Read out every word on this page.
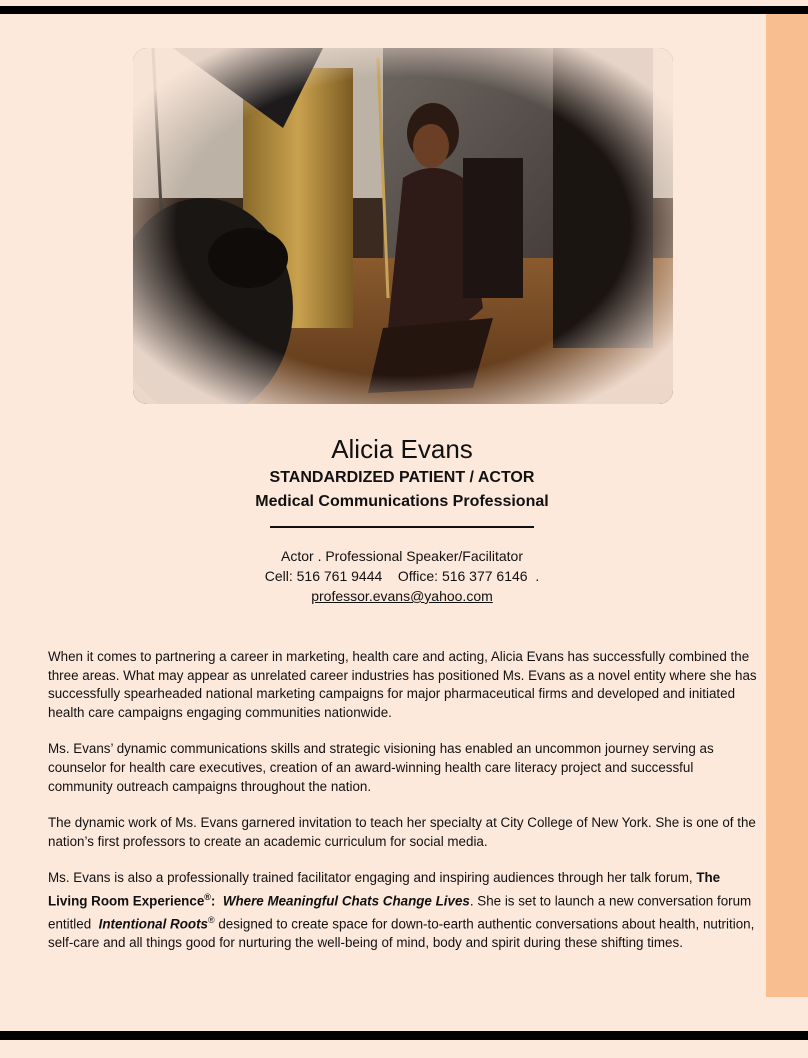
Alicia Evans
STANDARDIZED PATIENT / ACTOR
Medical Communications Professional
Actor . Professional Speaker/Facilitator
Cell: 516 761 9444    Office: 516 377 6146  .
professor.evans@yahoo.com

When it comes to partnering a career in marketing, health care and acting, Alicia Evans has successfully combined the three areas. What may appear as unrelated career industries has positioned Ms. Evans as a novel entity where she has successfully spearheaded national marketing campaigns for major pharmaceutical firms and developed and initiated health care campaigns engaging communities nationwide.

Ms. Evans’ dynamic communications skills and strategic visioning has enabled an uncommon journey serving as counselor for health care executives, creation of an award-winning health care literacy project and successful community outreach campaigns throughout the nation.

The dynamic work of Ms. Evans garnered invitation to teach her specialty at City College of New York. She is one of the nation’s first professors to create an academic curriculum for social media.

Ms. Evans is also a professionally trained facilitator engaging and inspiring audiences through her talk forum, The Living Room Experience®:  Where Meaningful Chats Change Lives. She is set to launch a new conversation forum entitled  Intentional Roots® designed to create space for down-to-earth authentic conversations about health, nutrition, self-care and all things good for nurturing the well-being of mind, body and spirit during these shifting times.
